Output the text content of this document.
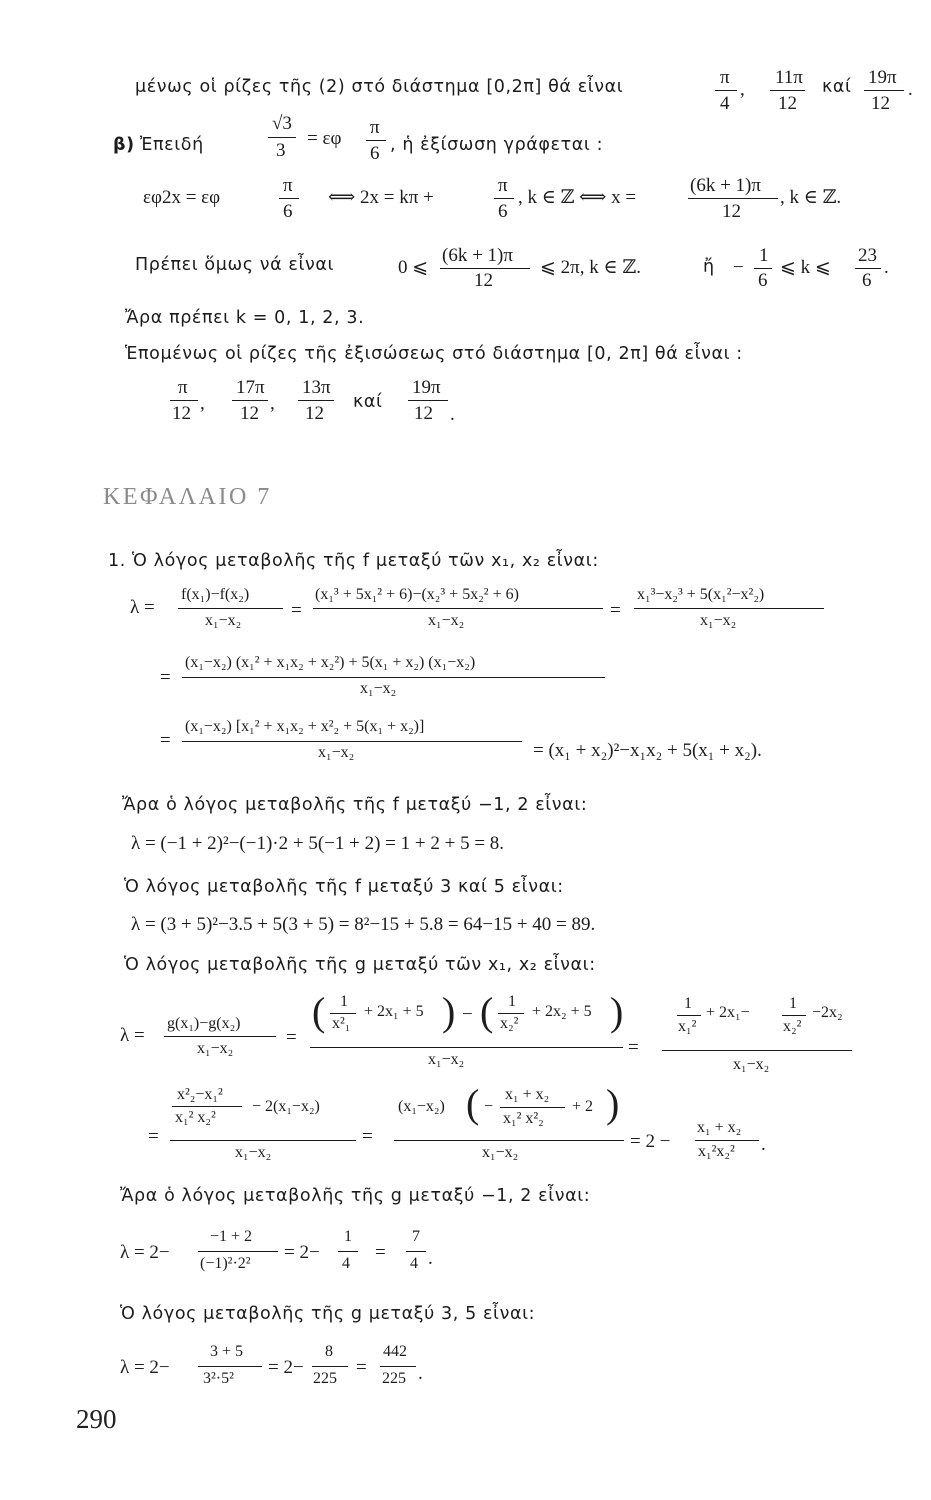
μένως οἱ ρίζες τῆς (2) στό διάστημα [0,2π] θά εἶναι	π
4
,
11π
12
καί 19π
12
.
β) Ἐπειδή
√3
3
= εφ
π
6 , ἡ ἐξίσωση γράφεται :
εφ2x = εφ
π
6
⟺ 2x = kπ +
π
6
, k ∈ ℤ ⟺ x =
(6k + 1)π
12
, k ∈ ℤ.
Πρέπει ὅμως νά εἶναι	0 ⩽
(6k + 1)π
12
⩽ 2π, k ∈ ℤ.	ἤ −
1
6
⩽ k ⩽
23
6
.
Ἄρα πρέπει k = 0, 1, 2, 3.
Ἑπομένως οἱ ρίζες τῆς ἐξισώσεως στό διάστημα [0, 2π] θά εἶναι :
π
12 ,
17π
12 ,
13π
12
καί
19π
12 .
ΚΕΦΑΛΑΙΟ 7
1. Ὁ λόγος μεταβολῆς τῆς f μεταξύ τῶν x₁, x₂ εἶναι:
λ =
f(x₁)−f(x₂)
x₁−x₂	=
(x₁³ + 5x₁² + 6)−(x₂³ + 5x₂² + 6)
x₁−x₂	=
x₁³−x₂³ + 5(x₁²−x²₂)
x₁−x₂
=
(x₁−x₂) (x₁² + x₁x₂ + x₂²) + 5(x₁ + x₂) (x₁−x₂)
x₁−x₂
=
(x₁−x₂) [x₁² + x₁x₂ + x²₂ + 5(x₁ + x₂)]
x₁−x₂	= (x₁ + x₂)²−x₁x₂ + 5(x₁ + x₂).
Ἄρα ὁ λόγος μεταβολῆς τῆς f μεταξύ −1, 2 εἶναι:
λ = (−1 + 2)²−(−1)·2 + 5(−1 + 2) = 1 + 2 + 5 = 8.
Ὁ λόγος μεταβολῆς τῆς f μεταξύ 3 καί 5 εἶναι:
λ = (3 + 5)²−3.5 + 5(3 + 5) = 8²−15 + 5.8 = 64−15 + 40 = 89.
Ὁ λόγος μεταβολῆς τῆς g μεταξύ τῶν x₁, x₂ εἶναι:
λ =
g(x₁)−g(x₂)
x₁−x₂
=
( 1
x²₁
+ 2x₁ + 5 ) − ( 1
x₂²
+ 2x₂ + 5 )
x₁−x₂
=
1
x₁²
+ 2x₁−
1
x₂²
−2x₂
x₁−x₂
=
x²₂−x₁²
x₁² x₂²
− 2(x₁−x₂)
x₁−x₂
=
(x₁−x₂) ( −
x₁ + x₂
x₁² x²₂
+ 2 )
x₁−x₂
= 2 −
x₁ + x₂
x₁²x₂² .
Ἄρα ὁ λόγος μεταβολῆς τῆς g μεταξύ −1, 2 εἶναι:
λ = 2−
−1 + 2
(−1)²·2²
= 2−
1
4
=
7
4 .
Ὁ λόγος μεταβολῆς τῆς g μεταξύ 3, 5 εἶναι:
λ = 2−
3 + 5
3²·5²
= 2−
8
225
=
442
225 .
290
